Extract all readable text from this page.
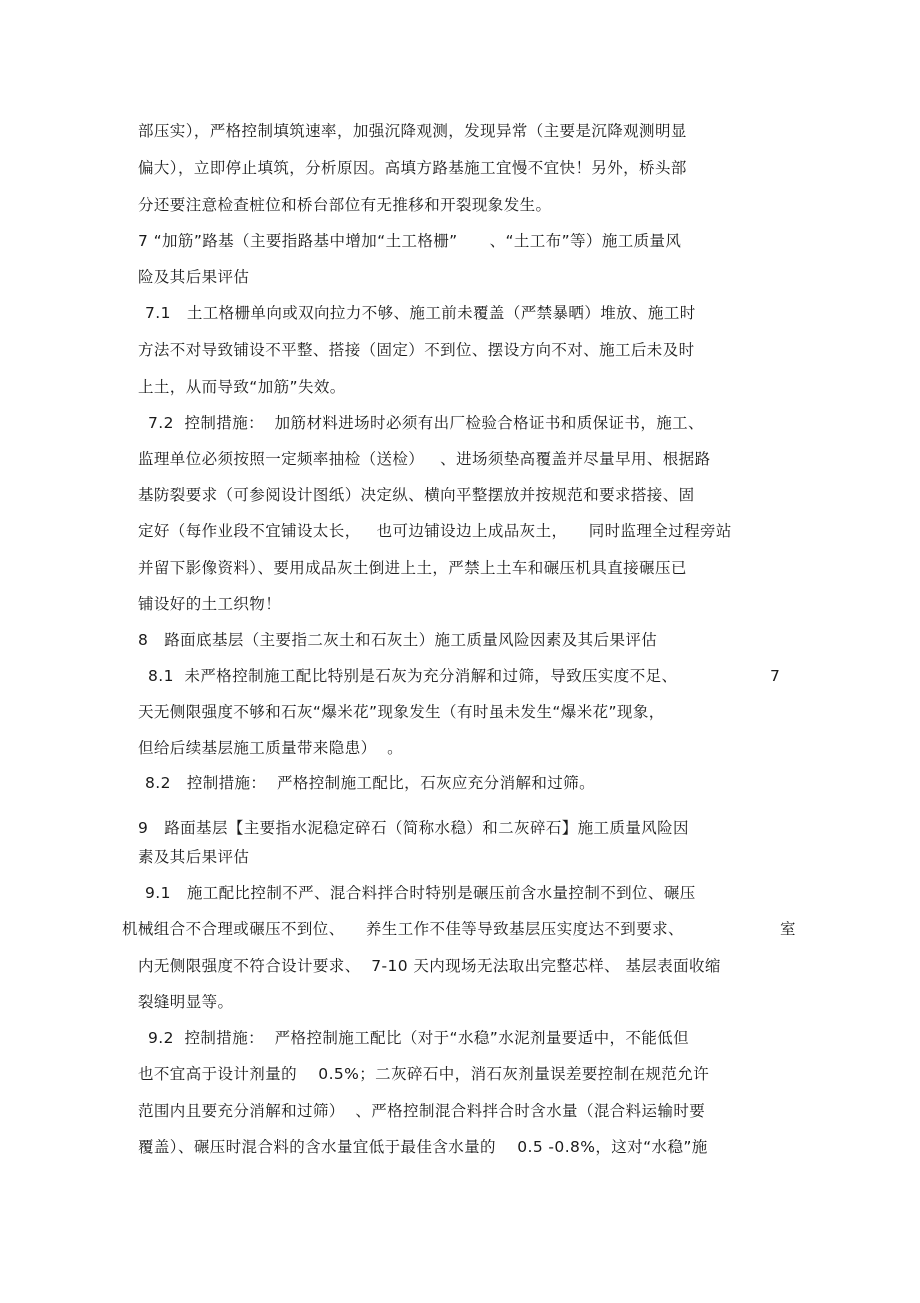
部压实），严格控制填筑速率，加强沉降观测，发现异常（主要是沉降观测明显
偏大），立即停止填筑，分析原因。高填方路基施工宜慢不宜快！另外，桥头部
分还要注意检查桩位和桥台部位有无推移和开裂现象发生。
7 “加筋”路基（主要指路基中增加“土工格栅”      、“土工布”等）施工质量风
险及其后果评估
7.1   土工格栅单向或双向拉力不够、施工前未覆盖（严禁暴晒）堆放、施工时
方法不对导致铺设不平整、搭接（固定）不到位、摆设方向不对、施工后未及时
上土，从而导致“加筋”失效。
7.2  控制措施：  加筋材料进场时必须有出厂检验合格证书和质保证书，施工、
监理单位必须按照一定频率抽检（送检）   、进场须垫高覆盖并尽量早用、根据路
基防裂要求（可参阅设计图纸）决定纵、横向平整摆放并按规范和要求搭接、固
定好（每作业段不宜铺设太长，   也可边铺设边上成品灰土，    同时监理全过程旁站
并留下影像资料）、要用成品灰土倒进上土，严禁上土车和碾压机具直接碾压已
铺设好的土工织物！
8   路面底基层（主要指二灰土和石灰土）施工质量风险因素及其后果评估
8.1  未严格控制施工配比特别是石灰为充分消解和过筛，导致压实度不足、	7
天无侧限强度不够和石灰“爆米花”现象发生（有时虽未发生“爆米花”现象，
但给后续基层施工质量带来隐患）  。
8.2   控制措施：  严格控制施工配比，石灰应充分消解和过筛。
9   路面基层【主要指水泥稳定碎石（简称水稳）和二灰碎石】施工质量风险因
素及其后果评估
9.1   施工配比控制不严、混合料拌合时特别是碾压前含水量控制不到位、碾压
机械组合不合理或碾压不到位、    养生工作不佳等导致基层压实度达不到要求、	室
内无侧限强度不符合设计要求、  7-10 天内现场无法取出完整芯样、 基层表面收缩
裂缝明显等。
9.2  控制措施：  严格控制施工配比（对于“水稳”水泥剂量要适中，不能低但
也不宜高于设计剂量的    0.5%；二灰碎石中，消石灰剂量误差要控制在规范允许
范围内且要充分消解和过筛）  、严格控制混合料拌合时含水量（混合料运输时要
覆盖）、碾压时混合料的含水量宜低于最佳含水量的    0.5 -0.8%，这对“水稳”施
